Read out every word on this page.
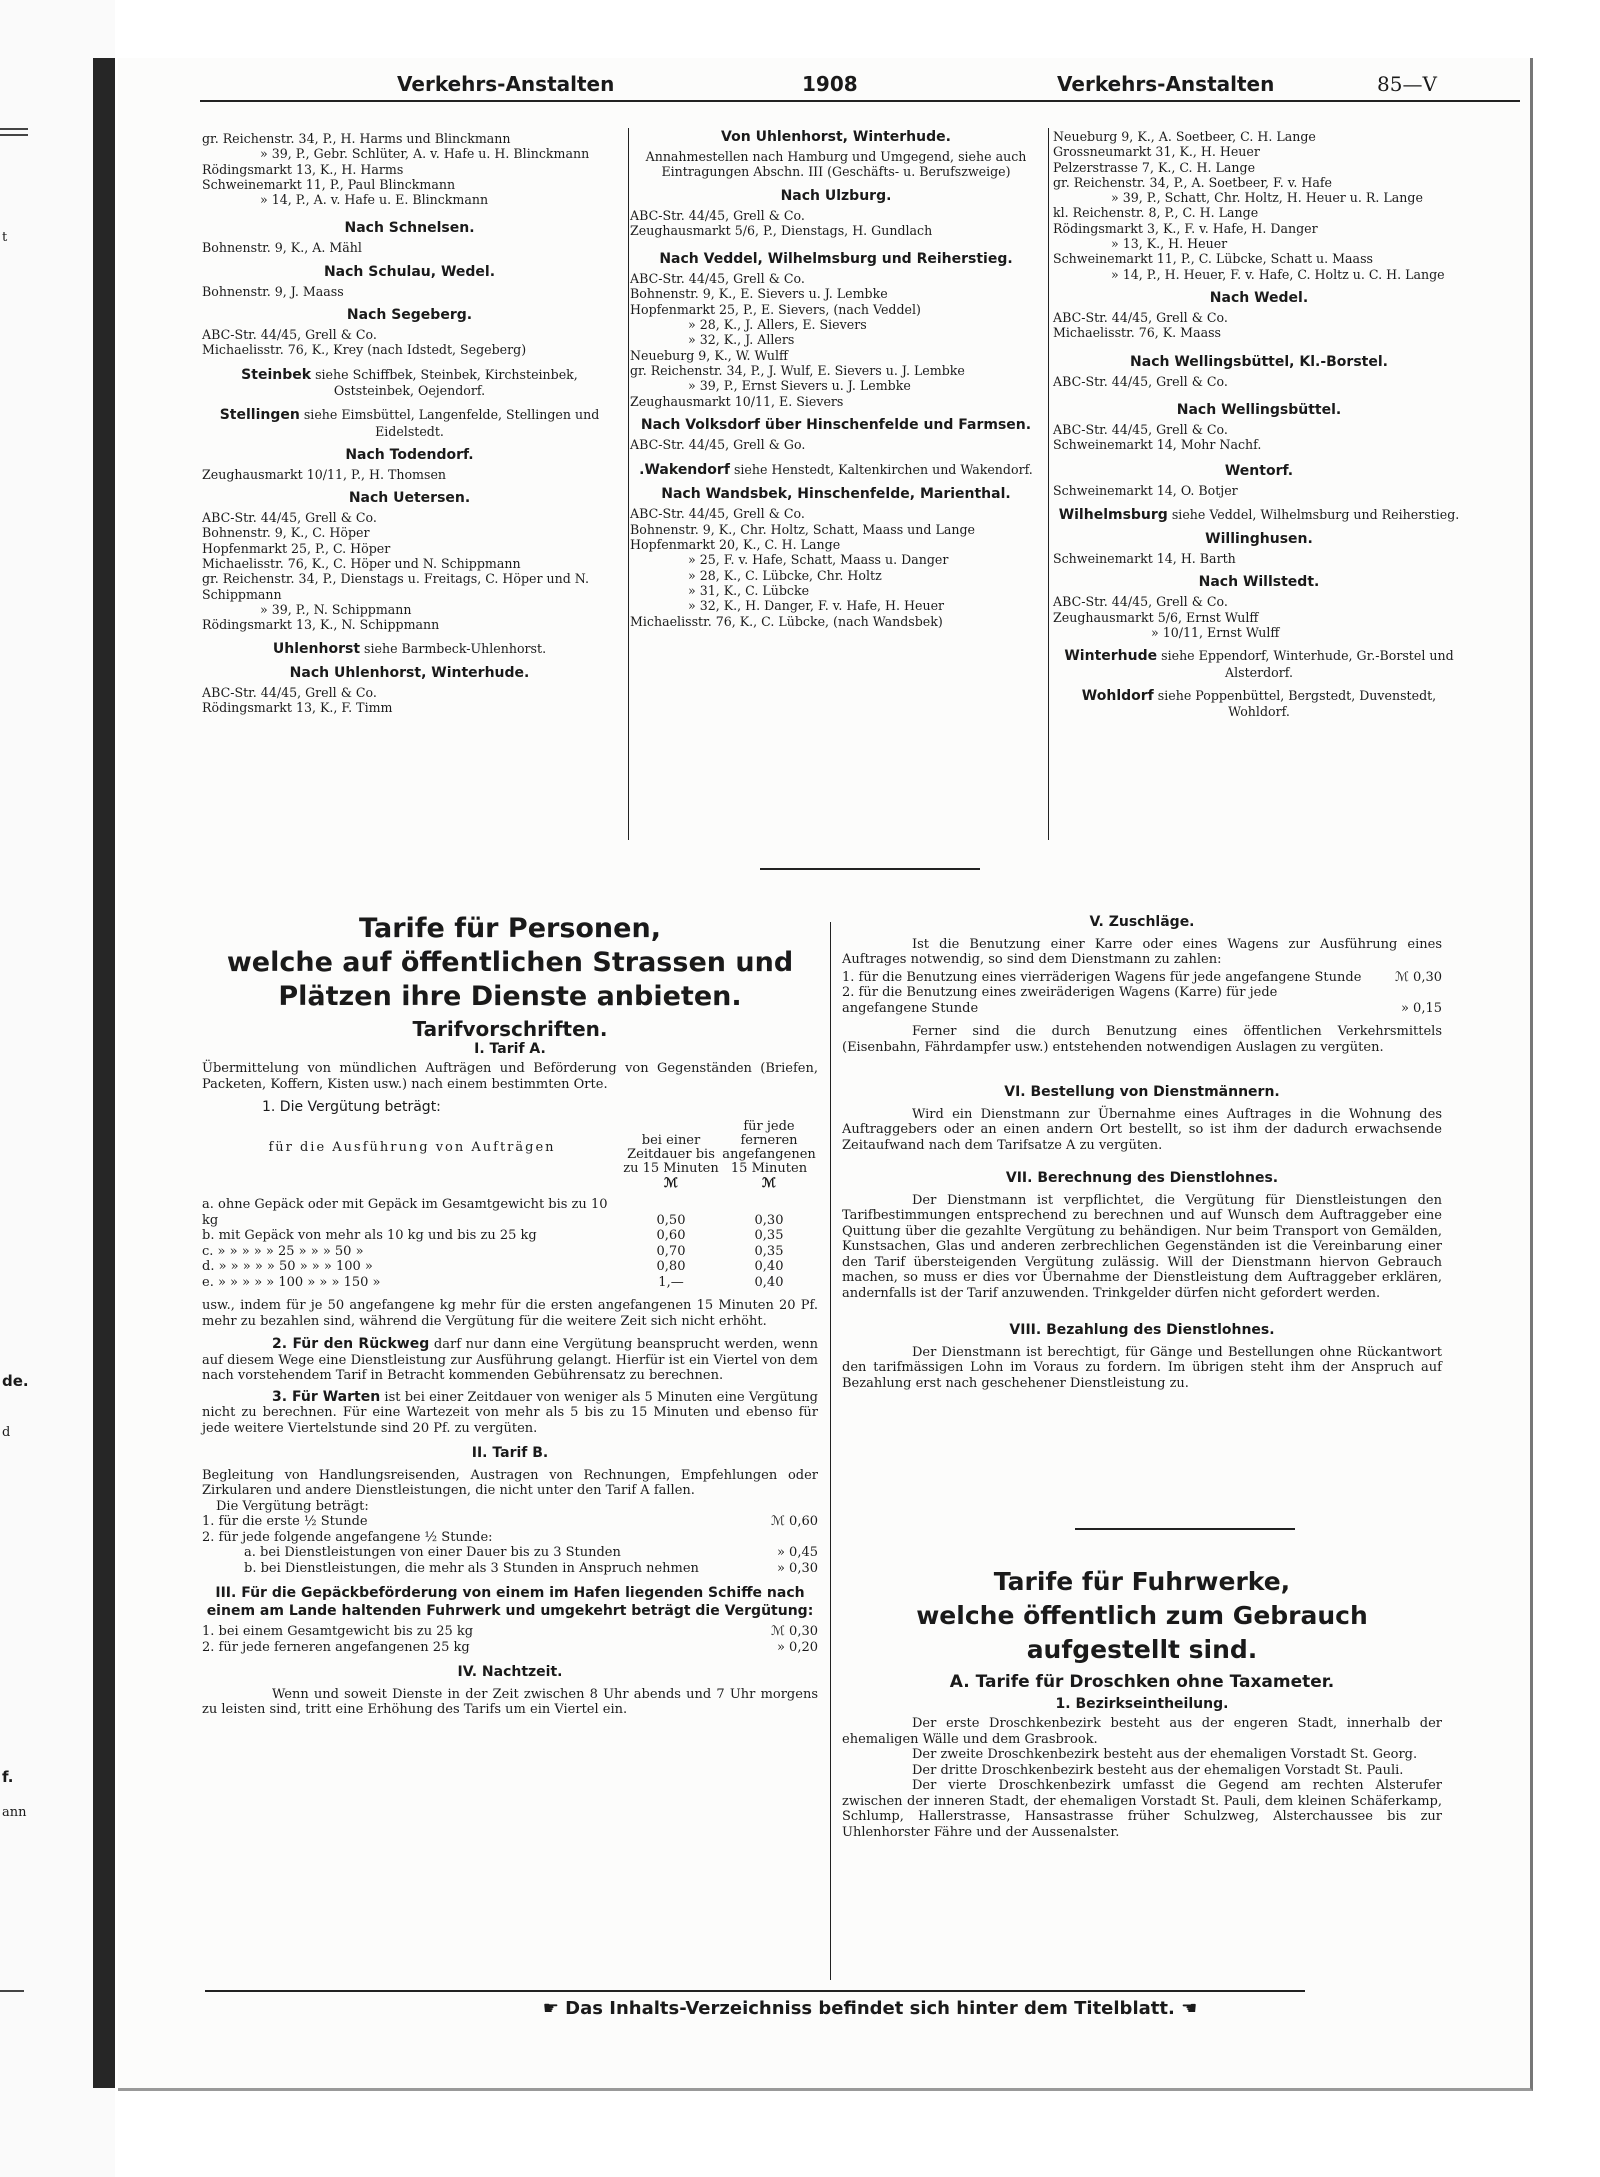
t
de.
d
f.
ann
Verkehrs-Anstalten	1908	Verkehrs-Anstalten	85—V

gr. Reichenstr. 34, P., H. Harms und Blinckmann

» 39, P., Gebr. Schlüter, A. v. Hafe u. H. Blinckmann

Rödingsmarkt 13, K., H. Harms

Schweinemarkt 11, P., Paul Blinckmann

» 14, P., A. v. Hafe u. E. Blinckmann

Nach Schnelsen.

Bohnenstr. 9, K., A. Mähl

Nach Schulau, Wedel.

Bohnenstr. 9, J. Maass

Nach Segeberg.

ABC-Str. 44/45, Grell & Co.

Michaelisstr. 76, K., Krey (nach Idstedt, Segeberg)

Steinbek siehe Schiffbek, Steinbek, Kirchsteinbek, Oststeinbek, Oejendorf.

Stellingen siehe Eimsbüttel, Langenfelde, Stellingen und Eidelstedt.

Nach Todendorf.

Zeughausmarkt 10/11, P., H. Thomsen

Nach Uetersen.

ABC-Str. 44/45, Grell & Co.

Bohnenstr. 9, K., C. Höper

Hopfenmarkt 25, P., C. Höper

Michaelisstr. 76, K., C. Höper und N. Schippmann

gr. Reichenstr. 34, P., Dienstags u. Freitags, C. Höper und N. Schippmann

» 39, P., N. Schippmann

Rödingsmarkt 13, K., N. Schippmann

Uhlenhorst siehe Barmbeck-Uhlenhorst.

Nach Uhlenhorst, Winterhude.

ABC-Str. 44/45, Grell & Co.

Rödingsmarkt 13, K., F. Timm

Von Uhlenhorst, Winterhude.

Annahmestellen nach Hamburg und Umgegend, siehe auch Eintragungen Abschn. III (Geschäfts- u. Berufszweige)

Nach Ulzburg.

ABC-Str. 44/45, Grell & Co.

Zeughausmarkt 5/6, P., Dienstags, H. Gundlach

Nach Veddel, Wilhelmsburg und Reiherstieg.

ABC-Str. 44/45, Grell & Co.

Bohnenstr. 9, K., E. Sievers u. J. Lembke

Hopfenmarkt 25, P., E. Sievers, (nach Veddel)

» 28, K., J. Allers, E. Sievers

» 32, K., J. Allers

Neueburg 9, K., W. Wulff

gr. Reichenstr. 34, P., J. Wulf, E. Sievers u. J. Lembke

» 39, P., Ernst Sievers u. J. Lembke

Zeughausmarkt 10/11, E. Sievers

Nach Volksdorf über Hinschenfelde und Farmsen.

ABC-Str. 44/45, Grell & Go.

.Wakendorf siehe Henstedt, Kaltenkirchen und Wakendorf.

Nach Wandsbek, Hinschenfelde, Marienthal.

ABC-Str. 44/45, Grell & Co.

Bohnenstr. 9, K., Chr. Holtz, Schatt, Maass und Lange

Hopfenmarkt 20, K., C. H. Lange

» 25, F. v. Hafe, Schatt, Maass u. Danger

» 28, K., C. Lübcke, Chr. Holtz

» 31, K., C. Lübcke

» 32, K., H. Danger, F. v. Hafe, H. Heuer

Michaelisstr. 76, K., C. Lübcke, (nach Wandsbek)

Neueburg 9, K., A. Soetbeer, C. H. Lange

Grossneumarkt 31, K., H. Heuer

Pelzerstrasse 7, K., C. H. Lange

gr. Reichenstr. 34, P., A. Soetbeer, F. v. Hafe

» 39, P., Schatt, Chr. Holtz, H. Heuer u. R. Lange

kl. Reichenstr. 8, P., C. H. Lange

Rödingsmarkt 3, K., F. v. Hafe, H. Danger

» 13, K., H. Heuer

Schweinemarkt 11, P., C. Lübcke, Schatt u. Maass

» 14, P., H. Heuer, F. v. Hafe, C. Holtz u. C. H. Lange

Nach Wedel.

ABC-Str. 44/45, Grell & Co.

Michaelisstr. 76, K. Maass

Nach Wellingsbüttel, Kl.-Borstel.

ABC-Str. 44/45, Grell & Co.

Nach Wellingsbüttel.

ABC-Str. 44/45, Grell & Co.

Schweinemarkt 14, Mohr Nachf.

Wentorf.

Schweinemarkt 14, O. Botjer

Wilhelmsburg siehe Veddel, Wilhelmsburg und Reiherstieg.

Willinghusen.

Schweinemarkt 14, H. Barth

Nach Willstedt.

ABC-Str. 44/45, Grell & Co.

Zeughausmarkt 5/6, Ernst Wulff

» 10/11, Ernst Wulff

Winterhude siehe Eppendorf, Winterhude, Gr.-Borstel und Alsterdorf.

Wohldorf siehe Poppenbüttel, Bergstedt, Duvenstedt, Wohldorf.

Tarife für Personen,
welche auf öffentlichen Strassen und
Plätzen ihre Dienste anbieten.
Tarifvorschriften.

I. Tarif A.

Übermittelung von mündlichen Aufträgen und Beförderung von Gegenständen (Briefen, Packeten, Koffern, Kisten usw.) nach einem bestimmten Orte.

1. Die Vergütung beträgt:

für die Ausführung von Aufträgen	bei einer Zeitdauer bis zu 15 Minuten	für jede ferneren angefangenen 15 Minuten
	ℳ	ℳ
a. ohne Gepäck oder mit Gepäck im Gesamtgewicht bis zu 10 kg	0,50	0,30
b. mit Gepäck von mehr als 10 kg und bis zu 25 kg	0,60	0,35
c. » » » » » 25 » » » 50 »	0,70	0,35
d. » » » » » 50 » » » 100 »	0,80	0,40
e. » » » » » 100 » » » 150 »	1,—	0,40

usw., indem für je 50 angefangene kg mehr für die ersten angefangenen 15 Minuten 20 Pf. mehr zu bezahlen sind, während die Vergütung für die weitere Zeit sich nicht erhöht.

2. Für den Rückweg darf nur dann eine Vergütung beansprucht werden, wenn auf diesem Wege eine Dienstleistung zur Ausführung gelangt. Hierfür ist ein Viertel von dem nach vorstehendem Tarif in Betracht kommenden Gebührensatz zu berechnen.

3. Für Warten ist bei einer Zeitdauer von weniger als 5 Minuten eine Vergütung nicht zu berechnen. Für eine Wartezeit von mehr als 5 bis zu 15 Minuten und ebenso für jede weitere Viertelstunde sind 20 Pf. zu vergüten.

II. Tarif B.

Begleitung von Handlungsreisenden, Austragen von Rechnungen, Empfehlungen oder Zirkularen und andere Dienstleistungen, die nicht unter den Tarif A fallen.

Die Vergütung beträgt:

1. für die erste ½ Stunde	ℳ 0,60
2. für jede folgende angefangene ½ Stunde:
a. bei Dienstleistungen von einer Dauer bis zu 3 Stunden	» 0,45
b. bei Dienstleistungen, die mehr als 3 Stunden in Anspruch nehmen	» 0,30

III. Für die Gepäckbeförderung von einem im Hafen liegenden Schiffe nach einem am Lande haltenden Fuhrwerk und umgekehrt beträgt die Vergütung:

1. bei einem Gesamtgewicht bis zu 25 kg	ℳ 0,30
2. für jede ferneren angefangenen 25 kg	» 0,20

IV. Nachtzeit.

Wenn und soweit Dienste in der Zeit zwischen 8 Uhr abends und 7 Uhr morgens zu leisten sind, tritt eine Erhöhung des Tarifs um ein Viertel ein.

V. Zuschläge.

Ist die Benutzung einer Karre oder eines Wagens zur Ausführung eines Auftrages notwendig, so sind dem Dienstmann zu zahlen:

1. für die Benutzung eines vierräderigen Wagens für jede angefangene Stunde	ℳ 0,30
2. für die Benutzung eines zweiräderigen Wagens (Karre) für jede angefangene Stunde	» 0,15

Ferner sind die durch Benutzung eines öffentlichen Verkehrsmittels (Eisenbahn, Fährdampfer usw.) entstehenden notwendigen Auslagen zu vergüten.

VI. Bestellung von Dienstmännern.

Wird ein Dienstmann zur Übernahme eines Auftrages in die Wohnung des Auftraggebers oder an einen andern Ort bestellt, so ist ihm der dadurch erwachsende Zeitaufwand nach dem Tarifsatze A zu vergüten.

VII. Berechnung des Dienstlohnes.

Der Dienstmann ist verpflichtet, die Vergütung für Dienstleistungen den Tarifbestimmungen entsprechend zu berechnen und auf Wunsch dem Auftraggeber eine Quittung über die gezahlte Vergütung zu behändigen. Nur beim Transport von Gemälden, Kunstsachen, Glas und anderen zerbrechlichen Gegenständen ist die Vereinbarung einer den Tarif übersteigenden Vergütung zulässig. Will der Dienstmann hiervon Gebrauch machen, so muss er dies vor Übernahme der Dienstleistung dem Auftraggeber erklären, andernfalls ist der Tarif anzuwenden. Trinkgelder dürfen nicht gefordert werden.

VIII. Bezahlung des Dienstlohnes.

Der Dienstmann ist berechtigt, für Gänge und Bestellungen ohne Rückantwort den tarifmässigen Lohn im Voraus zu fordern. Im übrigen steht ihm der Anspruch auf Bezahlung erst nach geschehener Dienstleistung zu.

Tarife für Fuhrwerke,
welche öffentlich zum Gebrauch
aufgestellt sind.
A. Tarife für Droschken ohne Taxameter.

1. Bezirkseintheilung.

Der erste Droschkenbezirk besteht aus der engeren Stadt, innerhalb der ehemaligen Wälle und dem Grasbrook.

Der zweite Droschkenbezirk besteht aus der ehemaligen Vorstadt St. Georg.

Der dritte Droschkenbezirk besteht aus der ehemaligen Vorstadt St. Pauli.

Der vierte Droschkenbezirk umfasst die Gegend am rechten Alsterufer zwischen der inneren Stadt, der ehemaligen Vorstadt St. Pauli, dem kleinen Schäferkamp, Schlump, Hallerstrasse, Hansastrasse früher Schulzweg, Alsterchaussee bis zur Uhlenhorster Fähre und der Aussenalster.

☛ Das Inhalts-Verzeichniss befindet sich hinter dem Titelblatt. ☚
